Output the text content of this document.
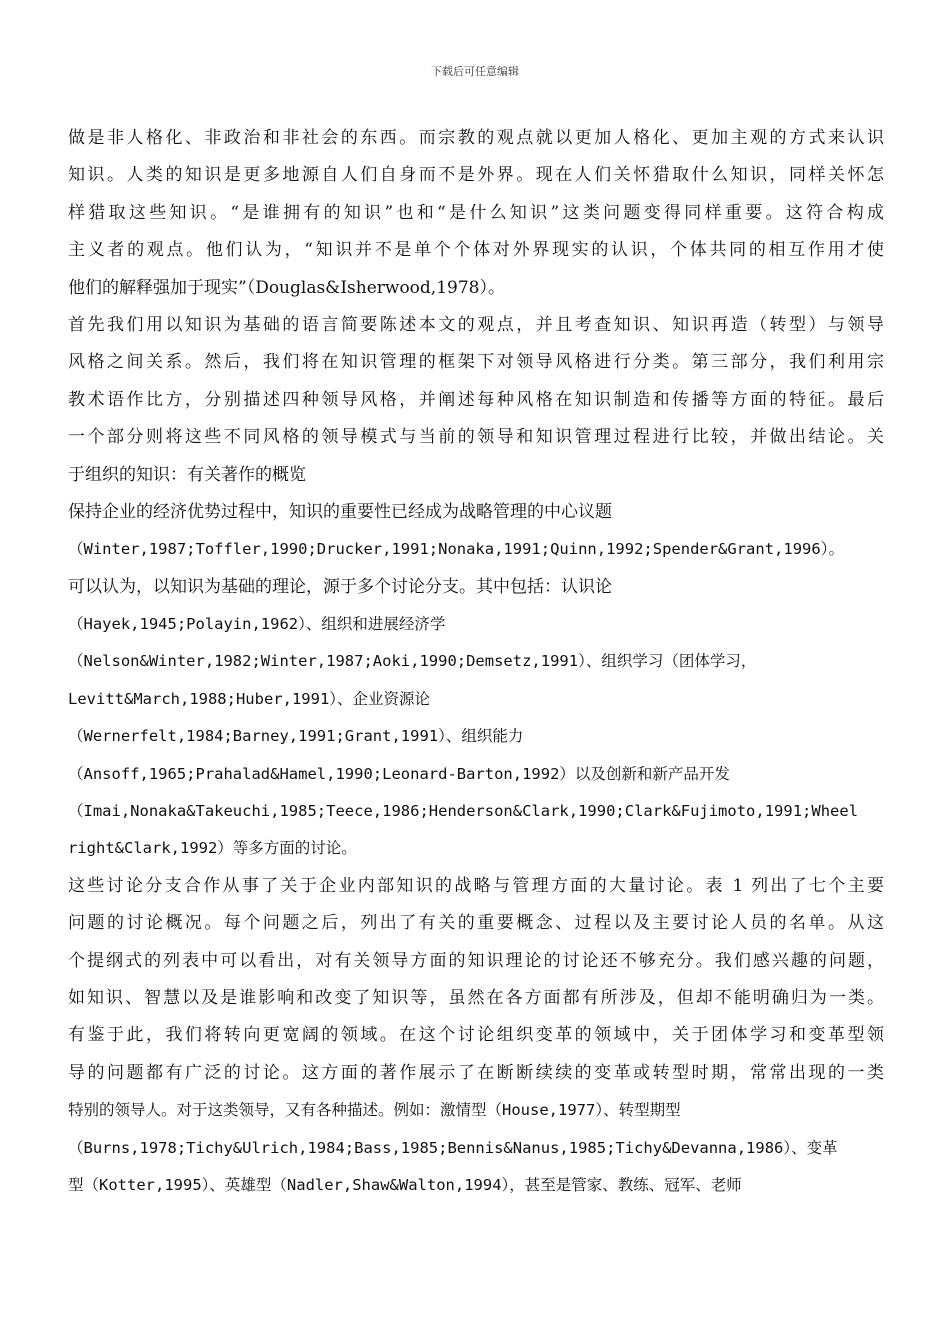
下载后可任意编辑
做是非人格化、非政治和非社会的东西。而宗教的观点就以更加人格化、更加主观的方式来认识
知识。人类的知识是更多地源自人们自身而不是外界。现在人们关怀猎取什么知识，同样关怀怎
样猎取这些知识。“是谁拥有的知识”也和“是什么知识”这类问题变得同样重要。这符合构成
主义者的观点。他们认为，“知识并不是单个个体对外界现实的认识，个体共同的相互作用才使
他们的解释强加于现实”（Douglas&Isherwood,1978）。
首先我们用以知识为基础的语言简要陈述本文的观点，并且考查知识、知识再造（转型）与领导
风格之间关系。然后，我们将在知识管理的框架下对领导风格进行分类。第三部分，我们利用宗
教术语作比方，分别描述四种领导风格，并阐述每种风格在知识制造和传播等方面的特征。最后
一个部分则将这些不同风格的领导模式与当前的领导和知识管理过程进行比较，并做出结论。关
于组织的知识：有关著作的概览
保持企业的经济优势过程中，知识的重要性已经成为战略管理的中心议题
（Winter,1987;Toffler,1990;Drucker,1991;Nonaka,1991;Quinn,1992;Spender&Grant,1996）。
可以认为，以知识为基础的理论，源于多个讨论分支。其中包括：认识论
（Hayek,1945;Polayin,1962）、组织和进展经济学
（Nelson&Winter,1982;Winter,1987;Aoki,1990;Demsetz,1991）、组织学习（团体学习，
Levitt&March,1988;Huber,1991）、企业资源论
（Wernerfelt,1984;Barney,1991;Grant,1991）、组织能力
（Ansoff,1965;Prahalad&Hamel,1990;Leonard-Barton,1992）以及创新和新产品开发
（Imai,Nonaka&Takeuchi,1985;Teece,1986;Henderson&Clark,1990;Clark&Fujimoto,1991;Wheel
right&Clark,1992）等多方面的讨论。
这些讨论分支合作从事了关于企业内部知识的战略与管理方面的大量讨论。表 1 列出了七个主要
问题的讨论概况。每个问题之后，列出了有关的重要概念、过程以及主要讨论人员的名单。从这
个提纲式的列表中可以看出，对有关领导方面的知识理论的讨论还不够充分。我们感兴趣的问题，
如知识、智慧以及是谁影响和改变了知识等，虽然在各方面都有所涉及，但却不能明确归为一类。
有鉴于此，我们将转向更宽阔的领域。在这个讨论组织变革的领域中，关于团体学习和变革型领
导的问题都有广泛的讨论。这方面的著作展示了在断断续续的变革或转型时期，常常出现的一类
特别的领导人。对于这类领导，又有各种描述。例如：激情型（House,1977）、转型期型
（Burns,1978;Tichy&Ulrich,1984;Bass,1985;Bennis&Nanus,1985;Tichy&Devanna,1986）、变革
型（Kotter,1995）、英雄型（Nadler,Shaw&Walton,1994），甚至是管家、教练、冠军、老师
